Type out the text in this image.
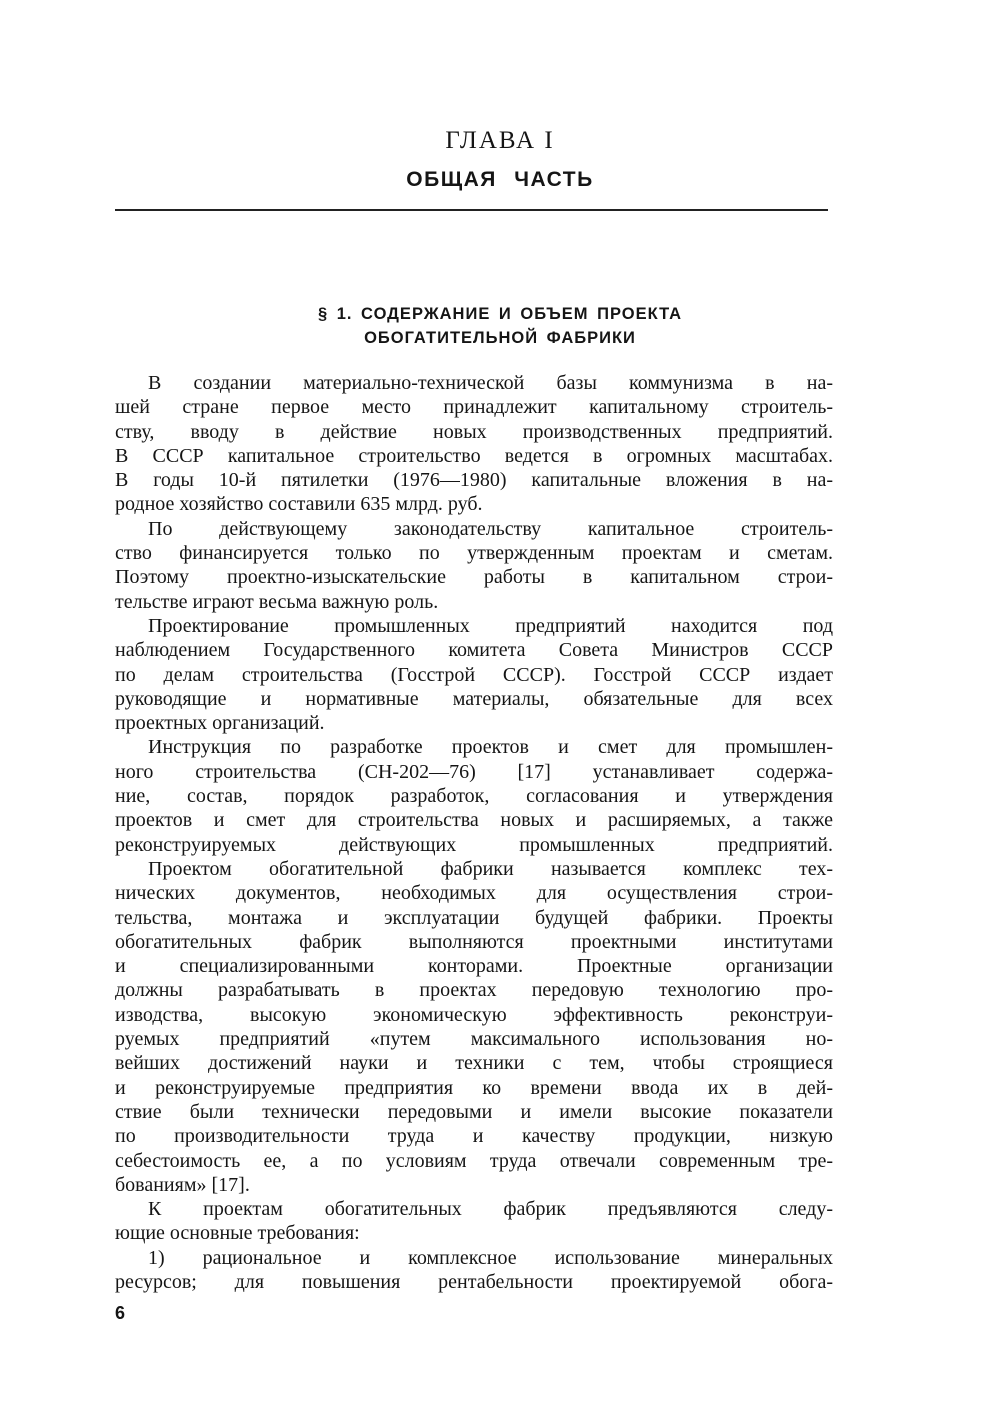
ГЛАВА I
ОБЩАЯ ЧАСТЬ
§ 1. СОДЕРЖАНИЕ И ОБЪЕМ ПРОЕКТА
ОБОГАТИТЕЛЬНОЙ ФАБРИКИ
В создании материально-технической базы коммунизма в на-
шей стране первое место принадлежит капитальному строитель-
ству, вводу в действие новых производственных предприятий.
В СССР капитальное строительство ведется в огромных масштабах.
В годы 10-й пятилетки (1976—1980) капитальные вложения в на-
родное хозяйство составили 635 млрд. руб.
По действующему законодательству капитальное строитель-
ство финансируется только по утвержденным проектам и сметам.
Поэтому проектно-изыскательские работы в капитальном строи-
тельстве играют весьма важную роль.
Проектирование промышленных предприятий находится под
наблюдением Государственного комитета Совета Министров СССР
по делам строительства (Госстрой СССР). Госстрой СССР издает
руководящие и нормативные материалы, обязательные для всех
проектных организаций.
Инструкция по разработке проектов и смет для промышлен-
ного строительства (СН-202—76) [17] устанавливает содержа-
ние, состав, порядок разработок, согласования и утверждения
проектов и смет для строительства новых и расширяемых, а также
реконструируемых действующих промышленных предприятий.
Проектом обогатительной фабрики называется комплекс тех-
нических документов, необходимых для осуществления строи-
тельства, монтажа и эксплуатации будущей фабрики. Проекты
обогатительных фабрик выполняются проектными институтами
и специализированными конторами. Проектные организации
должны разрабатывать в проектах передовую технологию про-
изводства, высокую экономическую эффективность реконструи-
руемых предприятий «путем максимального использования но-
вейших достижений науки и техники с тем, чтобы строящиеся
и реконструируемые предприятия ко времени ввода их в дей-
ствие были технически передовыми и имели высокие показатели
по производительности труда и качеству продукции, низкую
себестоимость ее, а по условиям труда отвечали современным тре-
бованиям» [17].
К проектам обогатительных фабрик предъявляются следу-
ющие основные требования:
1) рациональное и комплексное использование минеральных
ресурсов; для повышения рентабельности проектируемой обога-
6
